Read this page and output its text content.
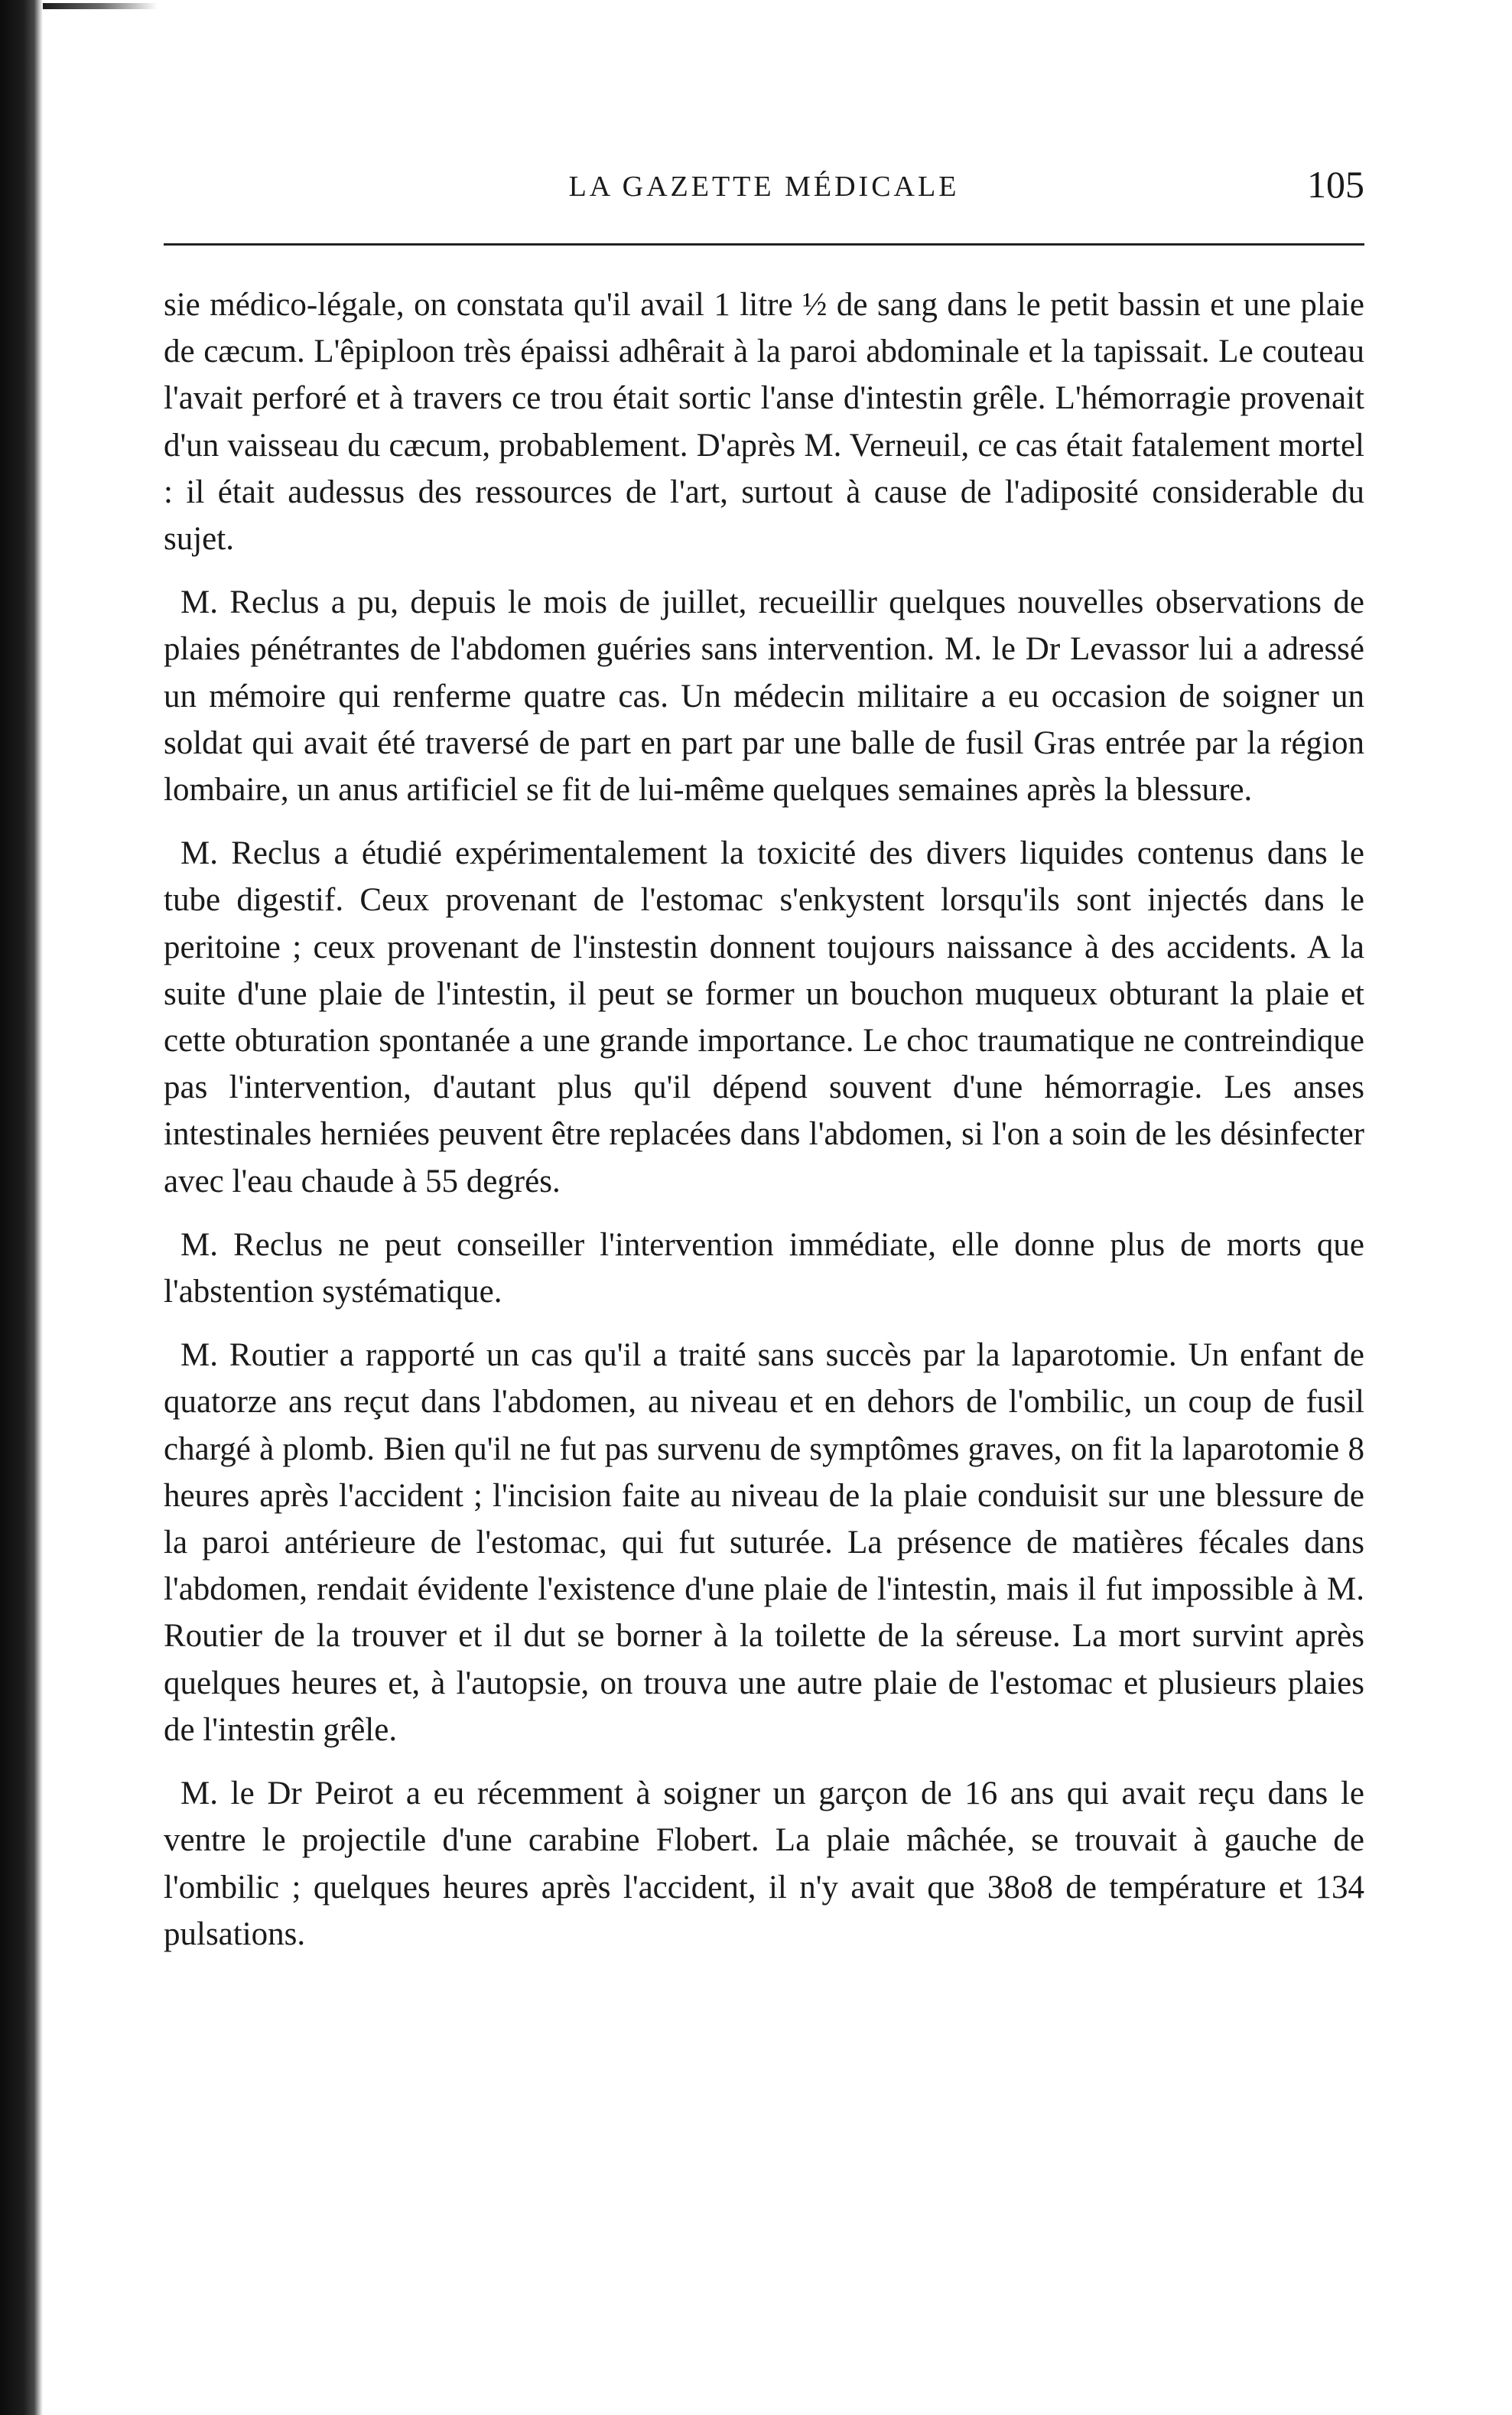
LA GAZETTE MÉDICALE	105

sie médico-légale, on constata qu'il avail 1 litre ½ de sang dans le petit bassin et une plaie de cæcum. L'êpiploon très épaissi adhêrait à la paroi abdominale et la tapissait. Le couteau l'avait perforé et à travers ce trou était sortic l'anse d'intestin grêle. L'hémorragie provenait d'un vaisseau du cæcum, probablement. D'après M. Verneuil, ce cas était fatalement mortel : il était audessus des ressources de l'art, surtout à cause de l'adiposité considerable du sujet.

M. Reclus a pu, depuis le mois de juillet, recueillir quelques nouvelles observations de plaies pénétrantes de l'abdomen guéries sans intervention. M. le Dr Levassor lui a adressé un mémoire qui renferme quatre cas. Un médecin militaire a eu occasion de soigner un soldat qui avait été traversé de part en part par une balle de fusil Gras entrée par la région lombaire, un anus artificiel se fit de lui-même quelques semaines après la blessure.

M. Reclus a étudié expérimentalement la toxicité des divers liquides contenus dans le tube digestif. Ceux provenant de l'estomac s'enkystent lorsqu'ils sont injectés dans le peritoine ; ceux provenant de l'instestin donnent toujours naissance à des accidents. A la suite d'une plaie de l'intestin, il peut se former un bouchon muqueux obturant la plaie et cette obturation spontanée a une grande importance. Le choc traumatique ne contreindique pas l'intervention, d'autant plus qu'il dépend souvent d'une hémorragie. Les anses intestinales herniées peuvent être replacées dans l'abdomen, si l'on a soin de les désinfecter avec l'eau chaude à 55 degrés.

M. Reclus ne peut conseiller l'intervention immédiate, elle donne plus de morts que l'abstention systématique.

M. Routier a rapporté un cas qu'il a traité sans succès par la laparotomie. Un enfant de quatorze ans reçut dans l'abdomen, au niveau et en dehors de l'ombilic, un coup de fusil chargé à plomb. Bien qu'il ne fut pas survenu de symptômes graves, on fit la laparotomie 8 heures après l'accident ; l'incision faite au niveau de la plaie conduisit sur une blessure de la paroi antérieure de l'estomac, qui fut suturée. La présence de matières fécales dans l'abdomen, rendait évidente l'existence d'une plaie de l'intestin, mais il fut impossible à M. Routier de la trouver et il dut se borner à la toilette de la séreuse. La mort survint après quelques heures et, à l'autopsie, on trouva une autre plaie de l'estomac et plusieurs plaies de l'intestin grêle.

M. le Dr Peirot a eu récemment à soigner un garçon de 16 ans qui avait reçu dans le ventre le projectile d'une carabine Flobert. La plaie mâchée, se trouvait à gauche de l'ombilic ; quelques heures après l'accident, il n'y avait que 38o8 de température et 134 pulsations.
